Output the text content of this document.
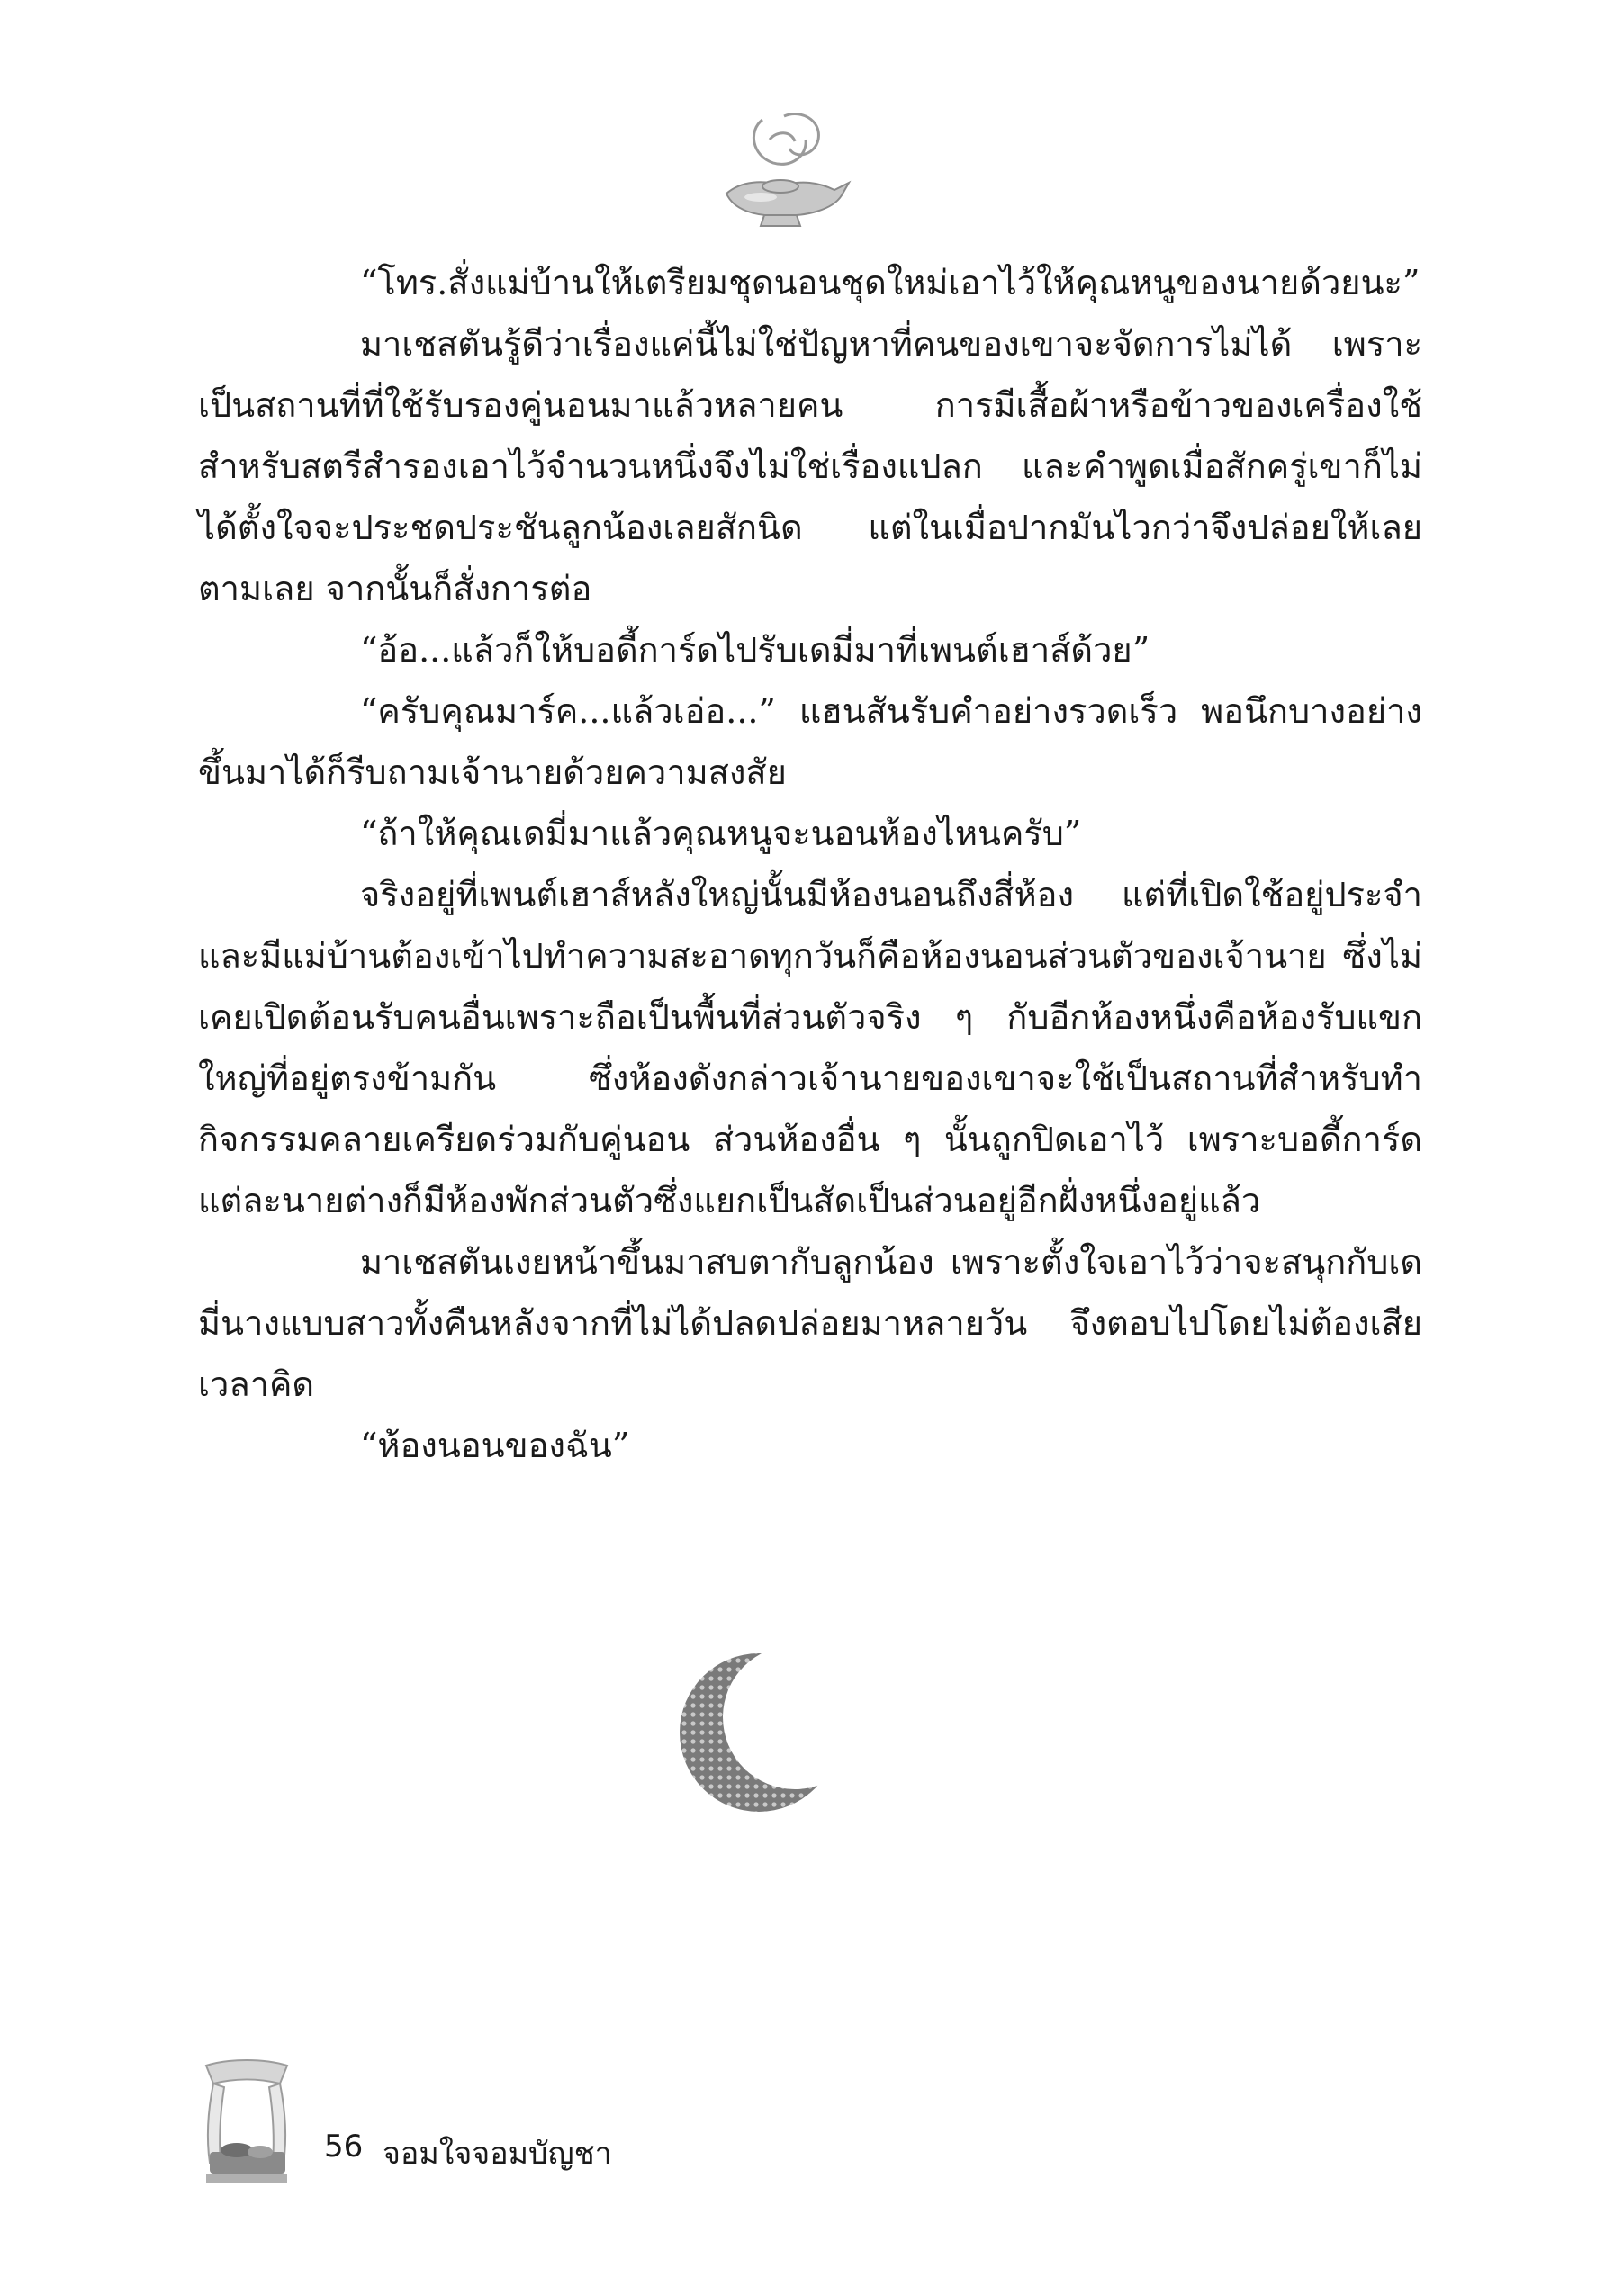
“โทร.สั่งแม่บ้านให้เตรียมชุดนอนชุดใหม่เอาไว้ให้คุณหนูของนายด้วยนะ”

มาเชสตันรู้ดีว่าเรื่องแค่นี้ไม่ใช่ปัญหาที่คนของเขาจะจัดการไม่ได้ เพราะเป็นสถานที่ที่ใช้รับรองคู่นอนมาแล้วหลายคน การมีเสื้อผ้าหรือข้าวของเครื่องใช้สำหรับสตรีสำรองเอาไว้จำนวนหนึ่งจึงไม่ใช่เรื่องแปลก และคำพูดเมื่อสักครู่เขาก็ไม่ได้ตั้งใจจะประชดประชันลูกน้องเลยสักนิด แต่ในเมื่อปากมันไวกว่าจึงปล่อยให้เลยตามเลย จากนั้นก็สั่งการต่อ

“อ้อ...แล้วก็ให้บอดี้การ์ดไปรับเดมี่มาที่เพนต์เฮาส์ด้วย”

“ครับคุณมาร์ค...แล้วเอ่อ...” แฮนสันรับคำอย่างรวดเร็ว พอนึกบางอย่างขึ้นมาได้ก็รีบถามเจ้านายด้วยความสงสัย

“ถ้าให้คุณเดมี่มาแล้วคุณหนูจะนอนห้องไหนครับ”

จริงอยู่ที่เพนต์เฮาส์หลังใหญ่นั้นมีห้องนอนถึงสี่ห้อง แต่ที่เปิดใช้อยู่ประจำและมีแม่บ้านต้องเข้าไปทำความสะอาดทุกวันก็คือห้องนอนส่วนตัวของเจ้านาย ซึ่งไม่เคยเปิดต้อนรับคนอื่นเพราะถือเป็นพื้นที่ส่วนตัวจริง ๆ กับอีกห้องหนึ่งคือห้องรับแขกใหญ่ที่อยู่ตรงข้ามกัน ซึ่งห้องดังกล่าวเจ้านายของเขาจะใช้เป็นสถานที่สำหรับทำกิจกรรมคลายเครียดร่วมกับคู่นอน ส่วนห้องอื่น ๆ นั้นถูกปิดเอาไว้ เพราะบอดี้การ์ดแต่ละนายต่างก็มีห้องพักส่วนตัวซึ่งแยกเป็นสัดเป็นส่วนอยู่อีกฝั่งหนึ่งอยู่แล้ว

มาเชสตันเงยหน้าขึ้นมาสบตากับลูกน้อง เพราะตั้งใจเอาไว้ว่าจะสนุกกับเดมี่นางแบบสาวทั้งคืนหลังจากที่ไม่ได้ปลดปล่อยมาหลายวัน จึงตอบไปโดยไม่ต้องเสียเวลาคิด

“ห้องนอนของฉัน”

56 จอมใจจอมบัญชา
